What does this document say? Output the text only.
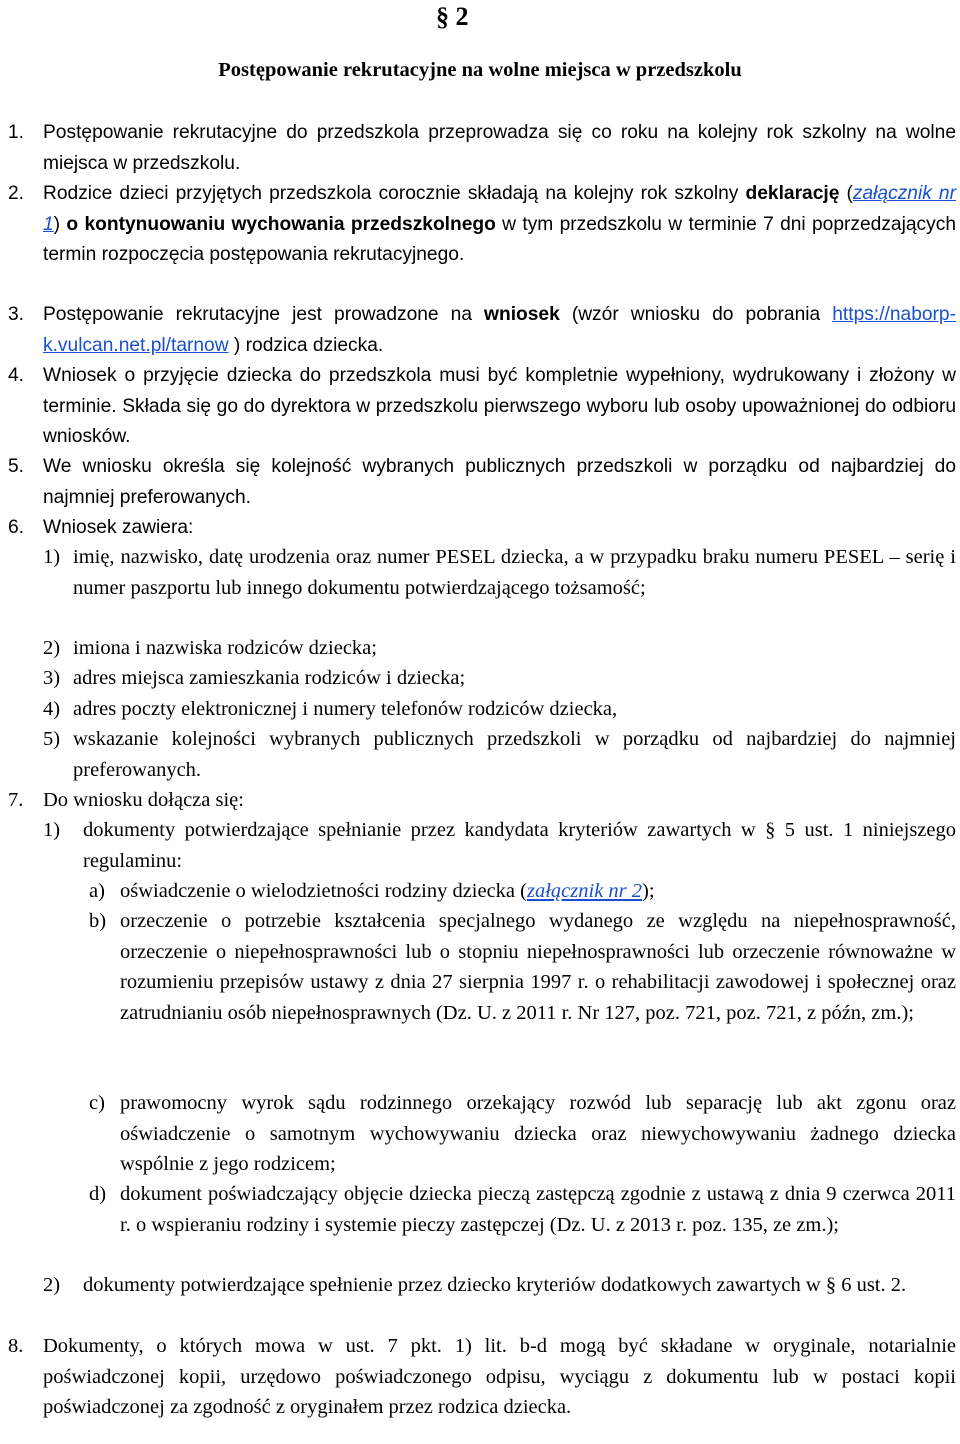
§ 2
Postępowanie rekrutacyjne na wolne miejsca w przedszkolu
1. Postępowanie rekrutacyjne do przedszkola przeprowadza się co roku na kolejny rok szkolny na wolne miejsca w przedszkolu.
2. Rodzice dzieci przyjętych przedszkola corocznie składają na kolejny rok szkolny deklarację (załącznik nr 1) o kontynuowaniu wychowania przedszkolnego w tym przedszkolu w terminie 7 dni poprzedzających termin rozpoczęcia postępowania rekrutacyjnego.
3. Postępowanie rekrutacyjne jest prowadzone na wniosek (wzór wniosku do pobrania https://naborp-k.vulcan.net.pl/tarnow ) rodzica dziecka.
4. Wniosek o przyjęcie dziecka do przedszkola musi być kompletnie wypełniony, wydrukowany i złożony w terminie. Składa się go do dyrektora w przedszkolu pierwszego wyboru lub osoby upoważnionej do odbioru wniosków.
5. We wniosku określa się kolejność wybranych publicznych przedszkoli w porządku od najbardziej do najmniej preferowanych.
6. Wniosek zawiera:
1) imię, nazwisko, datę urodzenia oraz numer PESEL dziecka, a w przypadku braku numeru PESEL – serię i numer paszportu lub innego dokumentu potwierdzającego tożsamość;
2) imiona i nazwiska rodziców dziecka;
3) adres miejsca zamieszkania rodziców i dziecka;
4) adres poczty elektronicznej i numery telefonów rodziców dziecka,
5) wskazanie kolejności wybranych publicznych przedszkoli w porządku od najbardziej do najmniej preferowanych.
7. Do wniosku dołącza się:
1) dokumenty potwierdzające spełnianie przez kandydata kryteriów zawartych w § 5 ust. 1 niniejszego regulaminu:
a) oświadczenie o wielodzietności rodziny dziecka (załącznik nr 2);
b) orzeczenie o potrzebie kształcenia specjalnego wydanego ze względu na niepełnosprawność, orzeczenie o niepełnosprawności lub o stopniu niepełnosprawności lub orzeczenie równoważne w rozumieniu przepisów ustawy z dnia 27 sierpnia 1997 r. o rehabilitacji zawodowej i społecznej oraz zatrudnianiu osób niepełnosprawnych (Dz. U. z 2011 r. Nr 127, poz. 721, poz. 721, z późn, zm.);
c) prawomocny wyrok sądu rodzinnego orzekający rozwód lub separację lub akt zgonu oraz oświadczenie o samotnym wychowywaniu dziecka oraz niewychowywaniu żadnego dziecka wspólnie z jego rodzicem;
d) dokument poświadczający objęcie dziecka pieczą zastępczą zgodnie z ustawą z dnia 9 czerwca 2011 r. o wspieraniu rodziny i systemie pieczy zastępczej (Dz. U. z 2013 r. poz. 135, ze zm.);
2) dokumenty potwierdzające spełnienie przez dziecko kryteriów dodatkowych zawartych w § 6 ust. 2.
8. Dokumenty, o których mowa w ust. 7 pkt. 1) lit. b-d mogą być składane w oryginale, notarialnie poświadczonej kopii, urzędowo poświadczonego odpisu, wyciągu z dokumentu lub w postaci kopii poświadczonej za zgodność z oryginałem przez rodzica dziecka.
